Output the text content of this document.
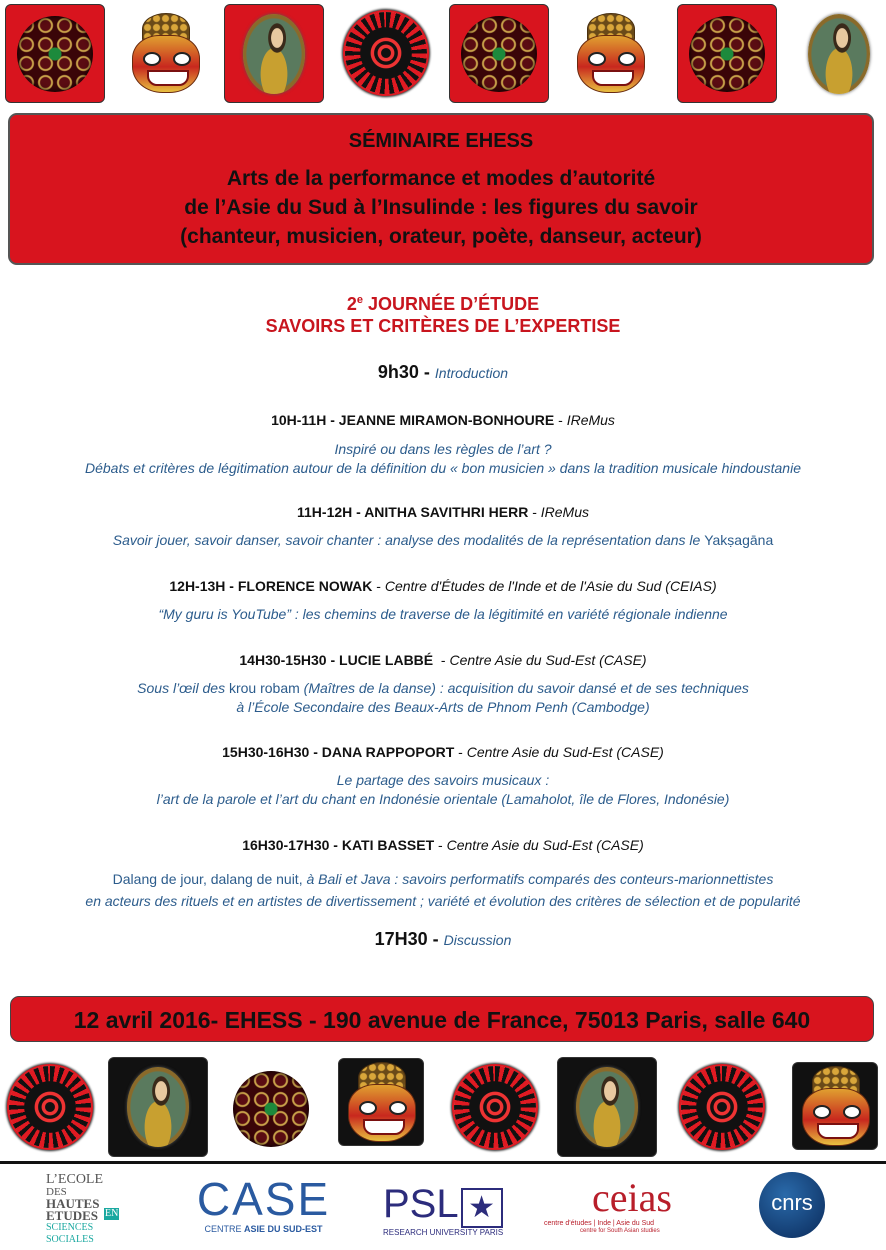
SÉMINAIRE EHESS
Arts de la performance et modes d’autorité
de l’Asie du Sud à l’Insulinde : les figures du savoir
(chanteur, musicien, orateur, poète, danseur, acteur)
2e JOURNÉE D’ÉTUDE
SAVOIRS ET CRITÈRES DE L’EXPERTISE
9h30 - Introduction
10H-11H - JEANNE MIRAMON-BONHOURE - IReMus
Inspiré ou dans les règles de l’art ?
Débats et critères de légitimation autour de la définition du « bon musicien » dans la tradition musicale hindoustanie
11H-12H - ANITHA SAVITHRI HERR - IReMus
Savoir jouer, savoir danser, savoir chanter : analyse des modalités de la représentation dans le Yakṣagāna
12H-13H - FLORENCE NOWAK - Centre d'Études de l'Inde et de l'Asie du Sud (CEIAS)
“My guru is YouTube” : les chemins de traverse de la légitimité en variété régionale indienne
14H30-15H30 - LUCIE LABBÉ  - Centre Asie du Sud-Est (CASE)
Sous l’œil des krou robam (Maîtres de la danse) : acquisition du savoir dansé et de ses techniques
à l’École Secondaire des Beaux-Arts de Phnom Penh (Cambodge)
15H30-16H30 - DANA RAPPOPORT - Centre Asie du Sud-Est (CASE)
Le partage des savoirs musicaux :
l’art de la parole et l’art du chant en Indonésie orientale (Lamaholot, île de Flores, Indonésie)
16H30-17H30 - KATI BASSET - Centre Asie du Sud-Est (CASE)
Dalang de jour, dalang de nuit, à Bali et Java : savoirs performatifs comparés des conteurs-marionnettistes
en acteurs des rituels et en artistes de divertissement ; variété et évolution des critères de sélection et de popularité
17H30 - Discussion
12 avril 2016- EHESS - 190 avenue de France, 75013 Paris, salle 640
L’ECOLE
DES
HAUTES
ETUDES EN
SCIENCES
SOCIALES
CASE
CENTRE ASIE DU SUD-EST
PSL ★
RESEARCH UNIVERSITY PARIS
ceias
centre d'études | Inde | Asie du Sud
centre for South Asian studies
cnrs
